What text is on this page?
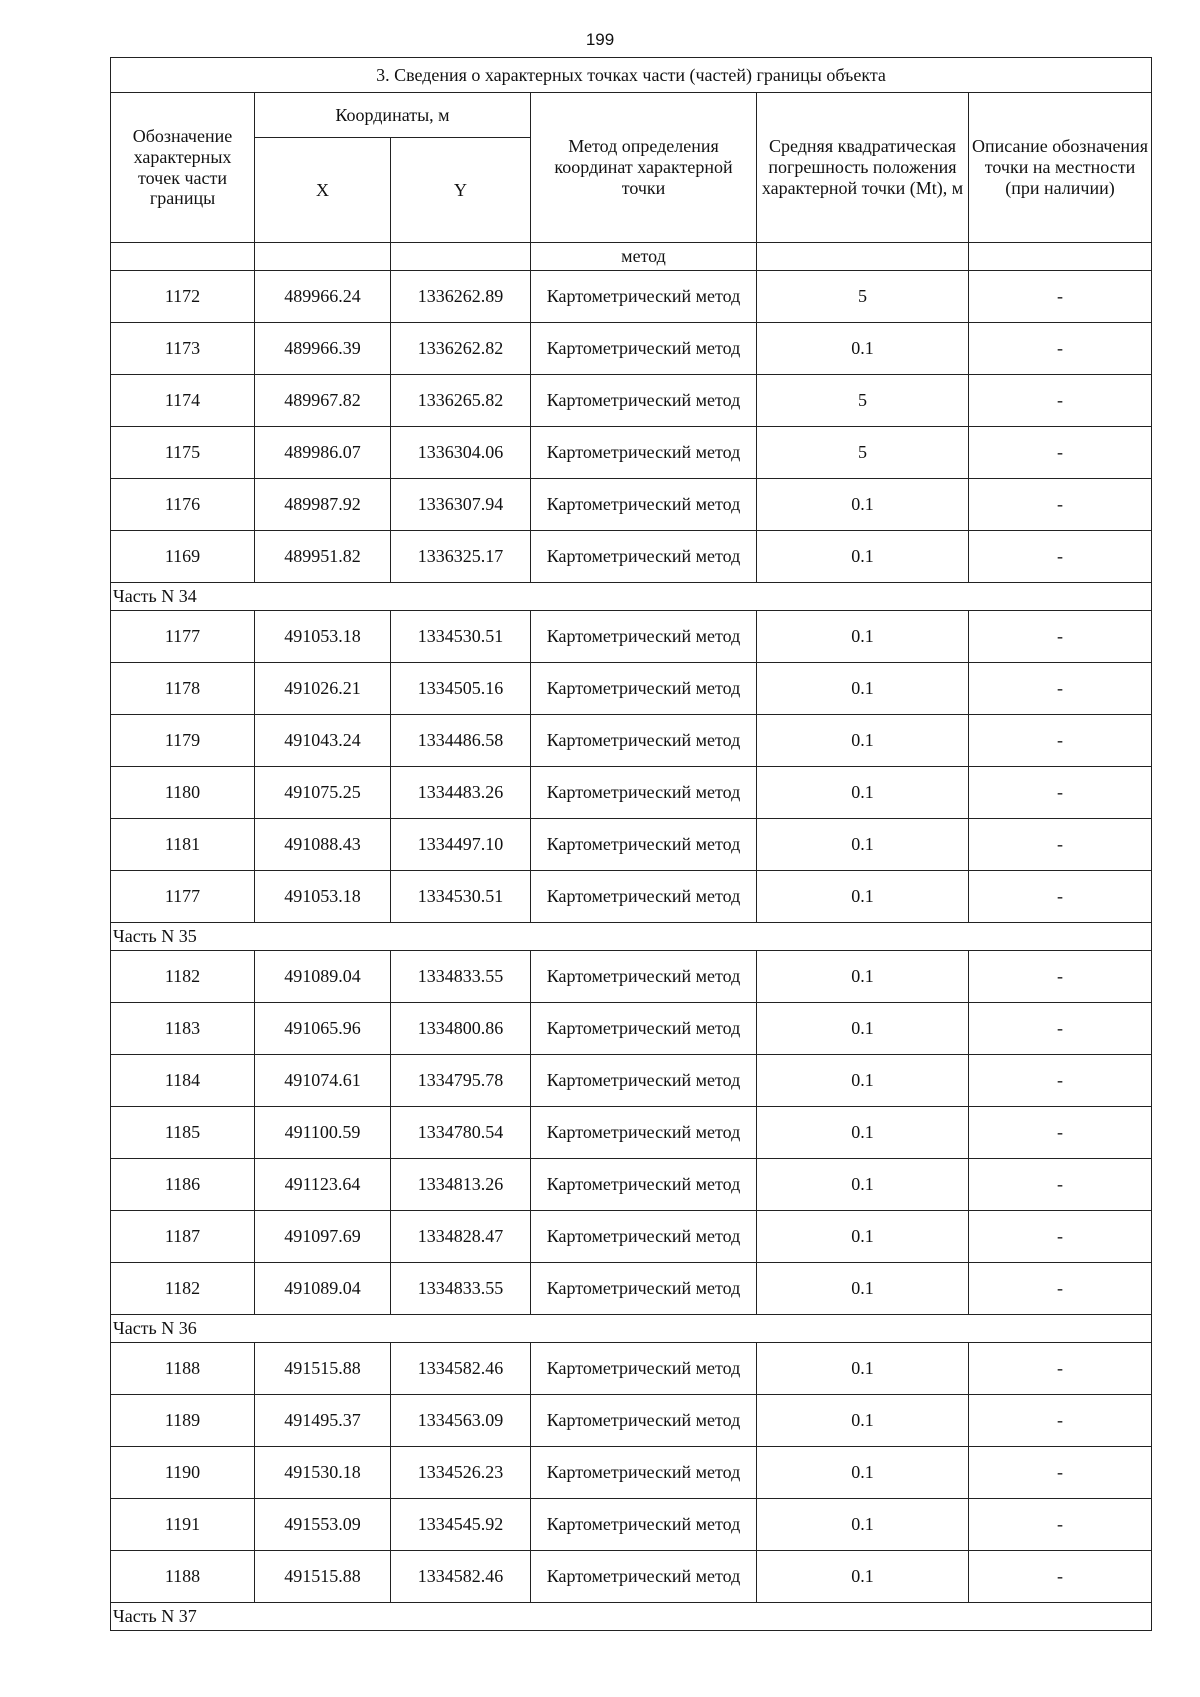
199
3. Сведения о характерных точках части (частей) границы объекта					
Обозначение характерных точек части границы	Координаты, м		Метод определения координат характерной точки	Средняя квадратическая погрешность положения характерной точки (Mt), м	Описание обозначения точки на местности (при наличии)
	X	Y			
			метод		
1172	489966.24	1336262.89	Картометрический метод	5	-
1173	489966.39	1336262.82	Картометрический метод	0.1	-
1174	489967.82	1336265.82	Картометрический метод	5	-
1175	489986.07	1336304.06	Картометрический метод	5	-
1176	489987.92	1336307.94	Картометрический метод	0.1	-
1169	489951.82	1336325.17	Картометрический метод	0.1	-
Часть N 34					
1177	491053.18	1334530.51	Картометрический метод	0.1	-
1178	491026.21	1334505.16	Картометрический метод	0.1	-
1179	491043.24	1334486.58	Картометрический метод	0.1	-
1180	491075.25	1334483.26	Картометрический метод	0.1	-
1181	491088.43	1334497.10	Картометрический метод	0.1	-
1177	491053.18	1334530.51	Картометрический метод	0.1	-
Часть N 35					
1182	491089.04	1334833.55	Картометрический метод	0.1	-
1183	491065.96	1334800.86	Картометрический метод	0.1	-
1184	491074.61	1334795.78	Картометрический метод	0.1	-
1185	491100.59	1334780.54	Картометрический метод	0.1	-
1186	491123.64	1334813.26	Картометрический метод	0.1	-
1187	491097.69	1334828.47	Картометрический метод	0.1	-
1182	491089.04	1334833.55	Картометрический метод	0.1	-
Часть N 36					
1188	491515.88	1334582.46	Картометрический метод	0.1	-
1189	491495.37	1334563.09	Картометрический метод	0.1	-
1190	491530.18	1334526.23	Картометрический метод	0.1	-
1191	491553.09	1334545.92	Картометрический метод	0.1	-
1188	491515.88	1334582.46	Картометрический метод	0.1	-
Часть N 37					
